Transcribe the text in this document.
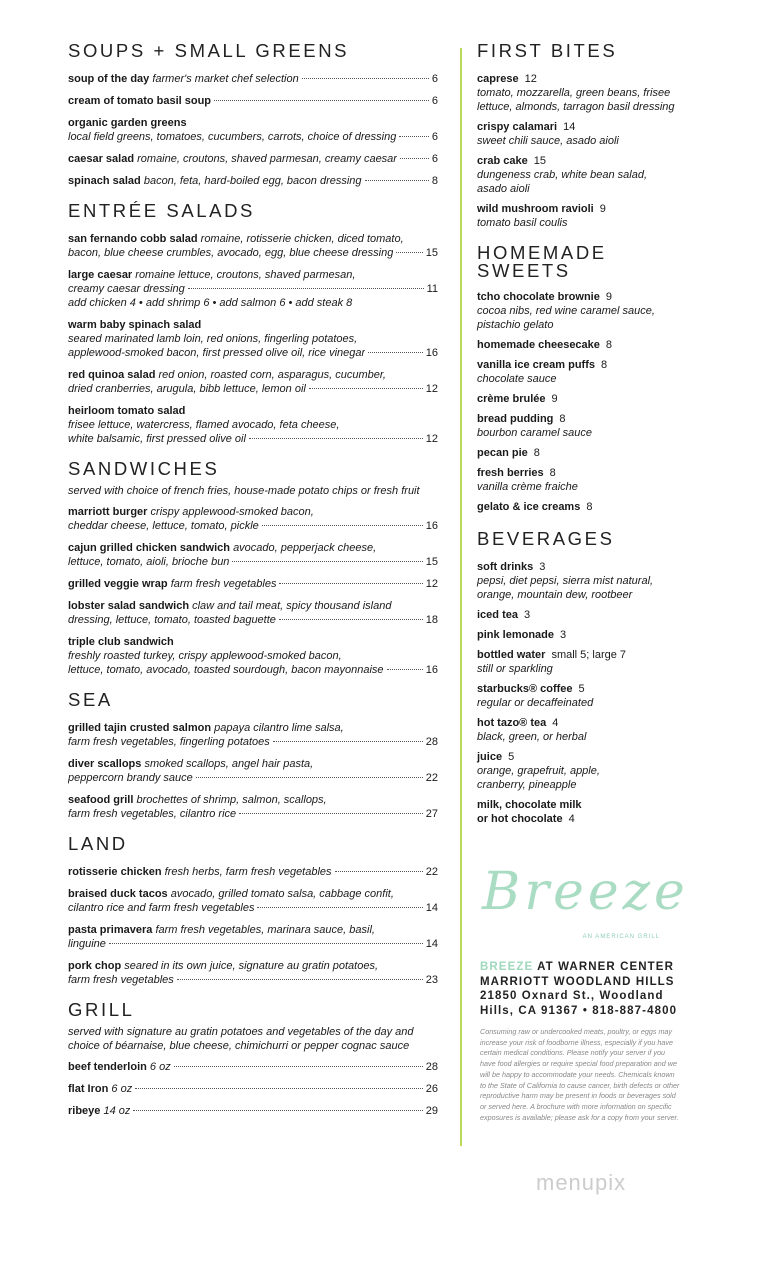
SOUPS + SMALL GREENS
soup of the day farmer's market chef selection	6
cream of tomato basil soup	6
organic garden greens
local field greens, tomatoes, cucumbers, carrots, choice of dressing	6
caesar salad romaine, croutons, shaved parmesan, creamy caesar	6
spinach salad bacon, feta, hard-boiled egg, bacon dressing	8
ENTRÉE SALADS
san fernando cobb salad romaine, rotisserie chicken, diced tomato,
bacon, blue cheese crumbles, avocado, egg, blue cheese dressing	15
large caesar romaine lettuce, croutons, shaved parmesan,
creamy caesar dressing	11
add chicken 4 • add shrimp 6 • add salmon 6 • add steak 8
warm baby spinach salad
seared marinated lamb loin, red onions, fingerling potatoes,
applewood-smoked bacon, first pressed olive oil, rice vinegar	16
red quinoa salad red onion, roasted corn, asparagus, cucumber,
dried cranberries, arugula, bibb lettuce, lemon oil	12
heirloom tomato salad
frisee lettuce, watercress, flamed avocado, feta cheese,
white balsamic, first pressed olive oil	12
SANDWICHES
served with choice of french fries, house-made potato chips or fresh fruit
marriott burger crispy applewood-smoked bacon,
cheddar cheese, lettuce, tomato, pickle	16
cajun grilled chicken sandwich avocado, pepperjack cheese,
lettuce, tomato, aioli, brioche bun	15
grilled veggie wrap farm fresh vegetables	12
lobster salad sandwich claw and tail meat, spicy thousand island
dressing, lettuce, tomato, toasted baguette	18
triple club sandwich
freshly roasted turkey, crispy applewood-smoked bacon,
lettuce, tomato, avocado, toasted sourdough, bacon mayonnaise	16
SEA
grilled tajin crusted salmon papaya cilantro lime salsa,
farm fresh vegetables, fingerling potatoes	28
diver scallops smoked scallops, angel hair pasta,
peppercorn brandy sauce	22
seafood grill brochettes of shrimp, salmon, scallops,
farm fresh vegetables, cilantro rice	27
LAND
rotisserie chicken fresh herbs, farm fresh vegetables	22
braised duck tacos avocado, grilled tomato salsa, cabbage confit,
cilantro rice and farm fresh vegetables	14
pasta primavera farm fresh vegetables, marinara sauce, basil,
linguine	14
pork chop seared in its own juice, signature au gratin potatoes,
farm fresh vegetables	23
GRILL
served with signature au gratin potatoes and vegetables of the day and choice of béarnaise, blue cheese, chimichurri or pepper cognac sauce
beef tenderloin 6 oz	28
flat Iron 6 oz	26
ribeye 14 oz	29
FIRST BITES
caprese 12
tomato, mozzarella, green beans, frisee
lettuce, almonds, tarragon basil dressing
crispy calamari 14
sweet chili sauce, asado aioli
crab cake 15
dungeness crab, white bean salad,
asado aioli
wild mushroom ravioli 9
tomato basil coulis
HOMEMADE SWEETS
tcho chocolate brownie 9
cocoa nibs, red wine caramel sauce,
pistachio gelato
homemade cheesecake 8
vanilla ice cream puffs 8
chocolate sauce
crème brulée 9
bread pudding 8
bourbon caramel sauce
pecan pie 8
fresh berries 8
vanilla crème fraiche
gelato & ice creams 8
BEVERAGES
soft drinks 3
pepsi, diet pepsi, sierra mist natural,
orange, mountain dew, rootbeer
iced tea 3
pink lemonade 3
bottled water small 5; large 7
still or sparkling
starbucks® coffee 5
regular or decaffeinated
hot tazo® tea 4
black, green, or herbal
juice 5
orange, grapefruit, apple,
cranberry, pineapple
milk, chocolate milk
or hot chocolate 4
Breeze
AN AMERICAN GRILL
BREEZE AT WARNER CENTER
MARRIOTT WOODLAND HILLS
21850 Oxnard St., Woodland
Hills, CA 91367 • 818-887-4800
Consuming raw or undercooked meats, poultry, or eggs may increase your risk of foodborne illness, especially if you have certain medical conditions. Please notify your server if you have food allergies or require special food preparation and we will be happy to accommodate your needs. Chemicals known to the State of California to cause cancer, birth defects or other reproductive harm may be present in foods or beverages sold or served here. A brochure with more information on specific exposures is available; please ask for a copy from your server.
menupix
